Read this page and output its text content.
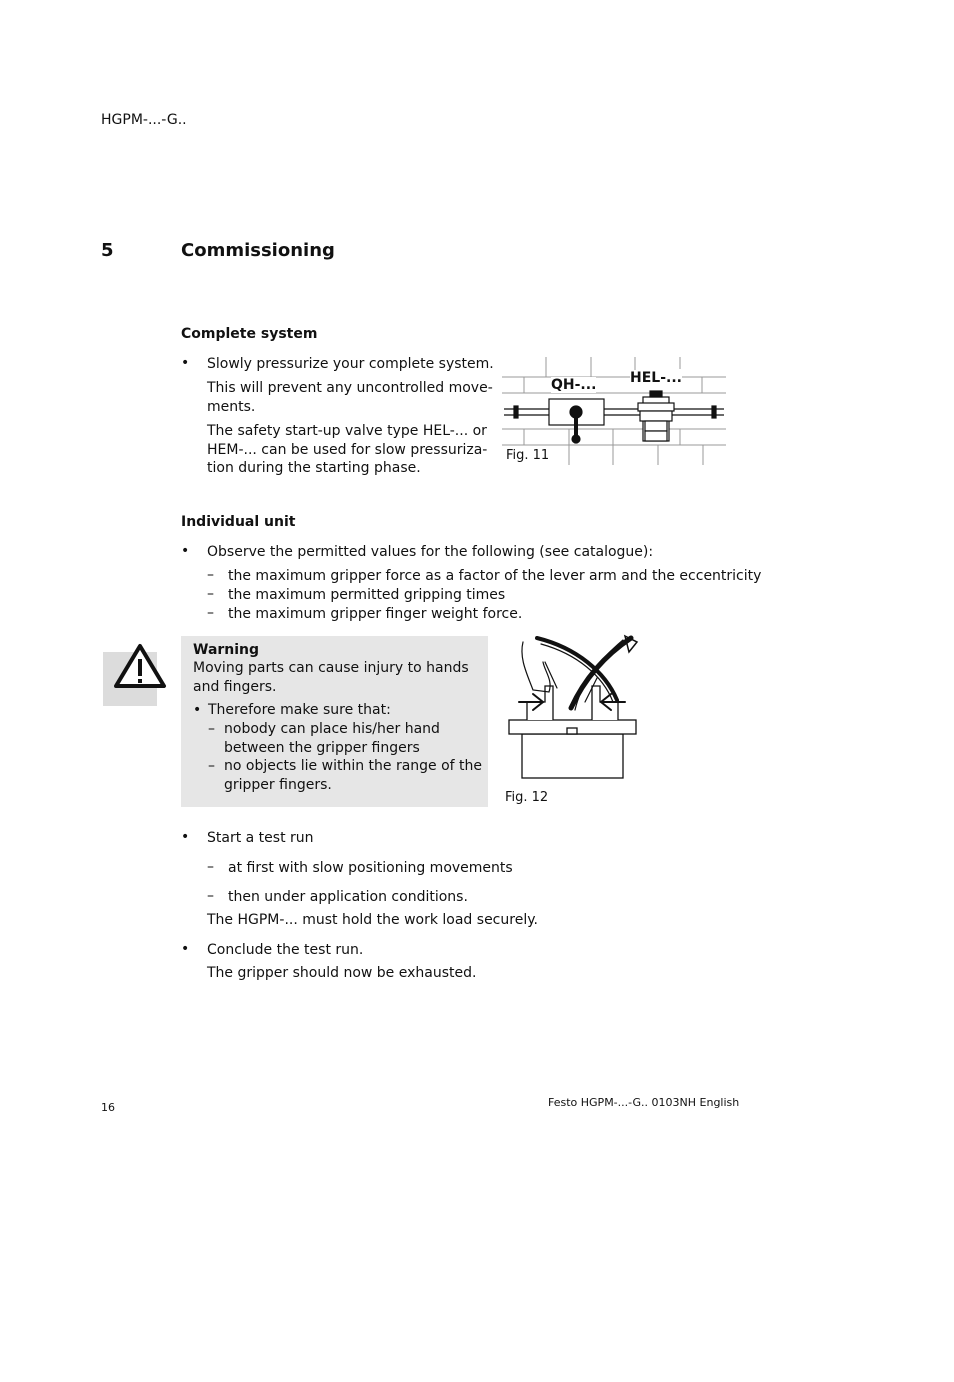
HGPM-...-G..
5	Commissioning
Complete system
• Slowly pressurize your complete system.
This will prevent any uncontrolled move-
ments.
The safety start-up valve type HEL-... or
HEM-... can be used for slow pressuriza-
tion during the starting phase.
QH-... HEL-...
Fig. 11
Individual unit
• Observe the permitted values for the following (see catalogue):
– the maximum gripper force as a factor of the lever arm and the eccentricity
– the maximum permitted gripping times
– the maximum gripper finger weight force.
Warning
Moving parts can cause injury to hands
and fingers.
• Therefore make sure that:
– nobody can place his/her hand
between the gripper fingers
– no objects lie within the range of the
gripper fingers.
Fig. 12
• Start a test run
– at first with slow positioning movements
– then under application conditions.
The HGPM-... must hold the work load securely.
• Conclude the test run.
The gripper should now be exhausted.
16	Festo HGPM-...-G.. 0103NH English
